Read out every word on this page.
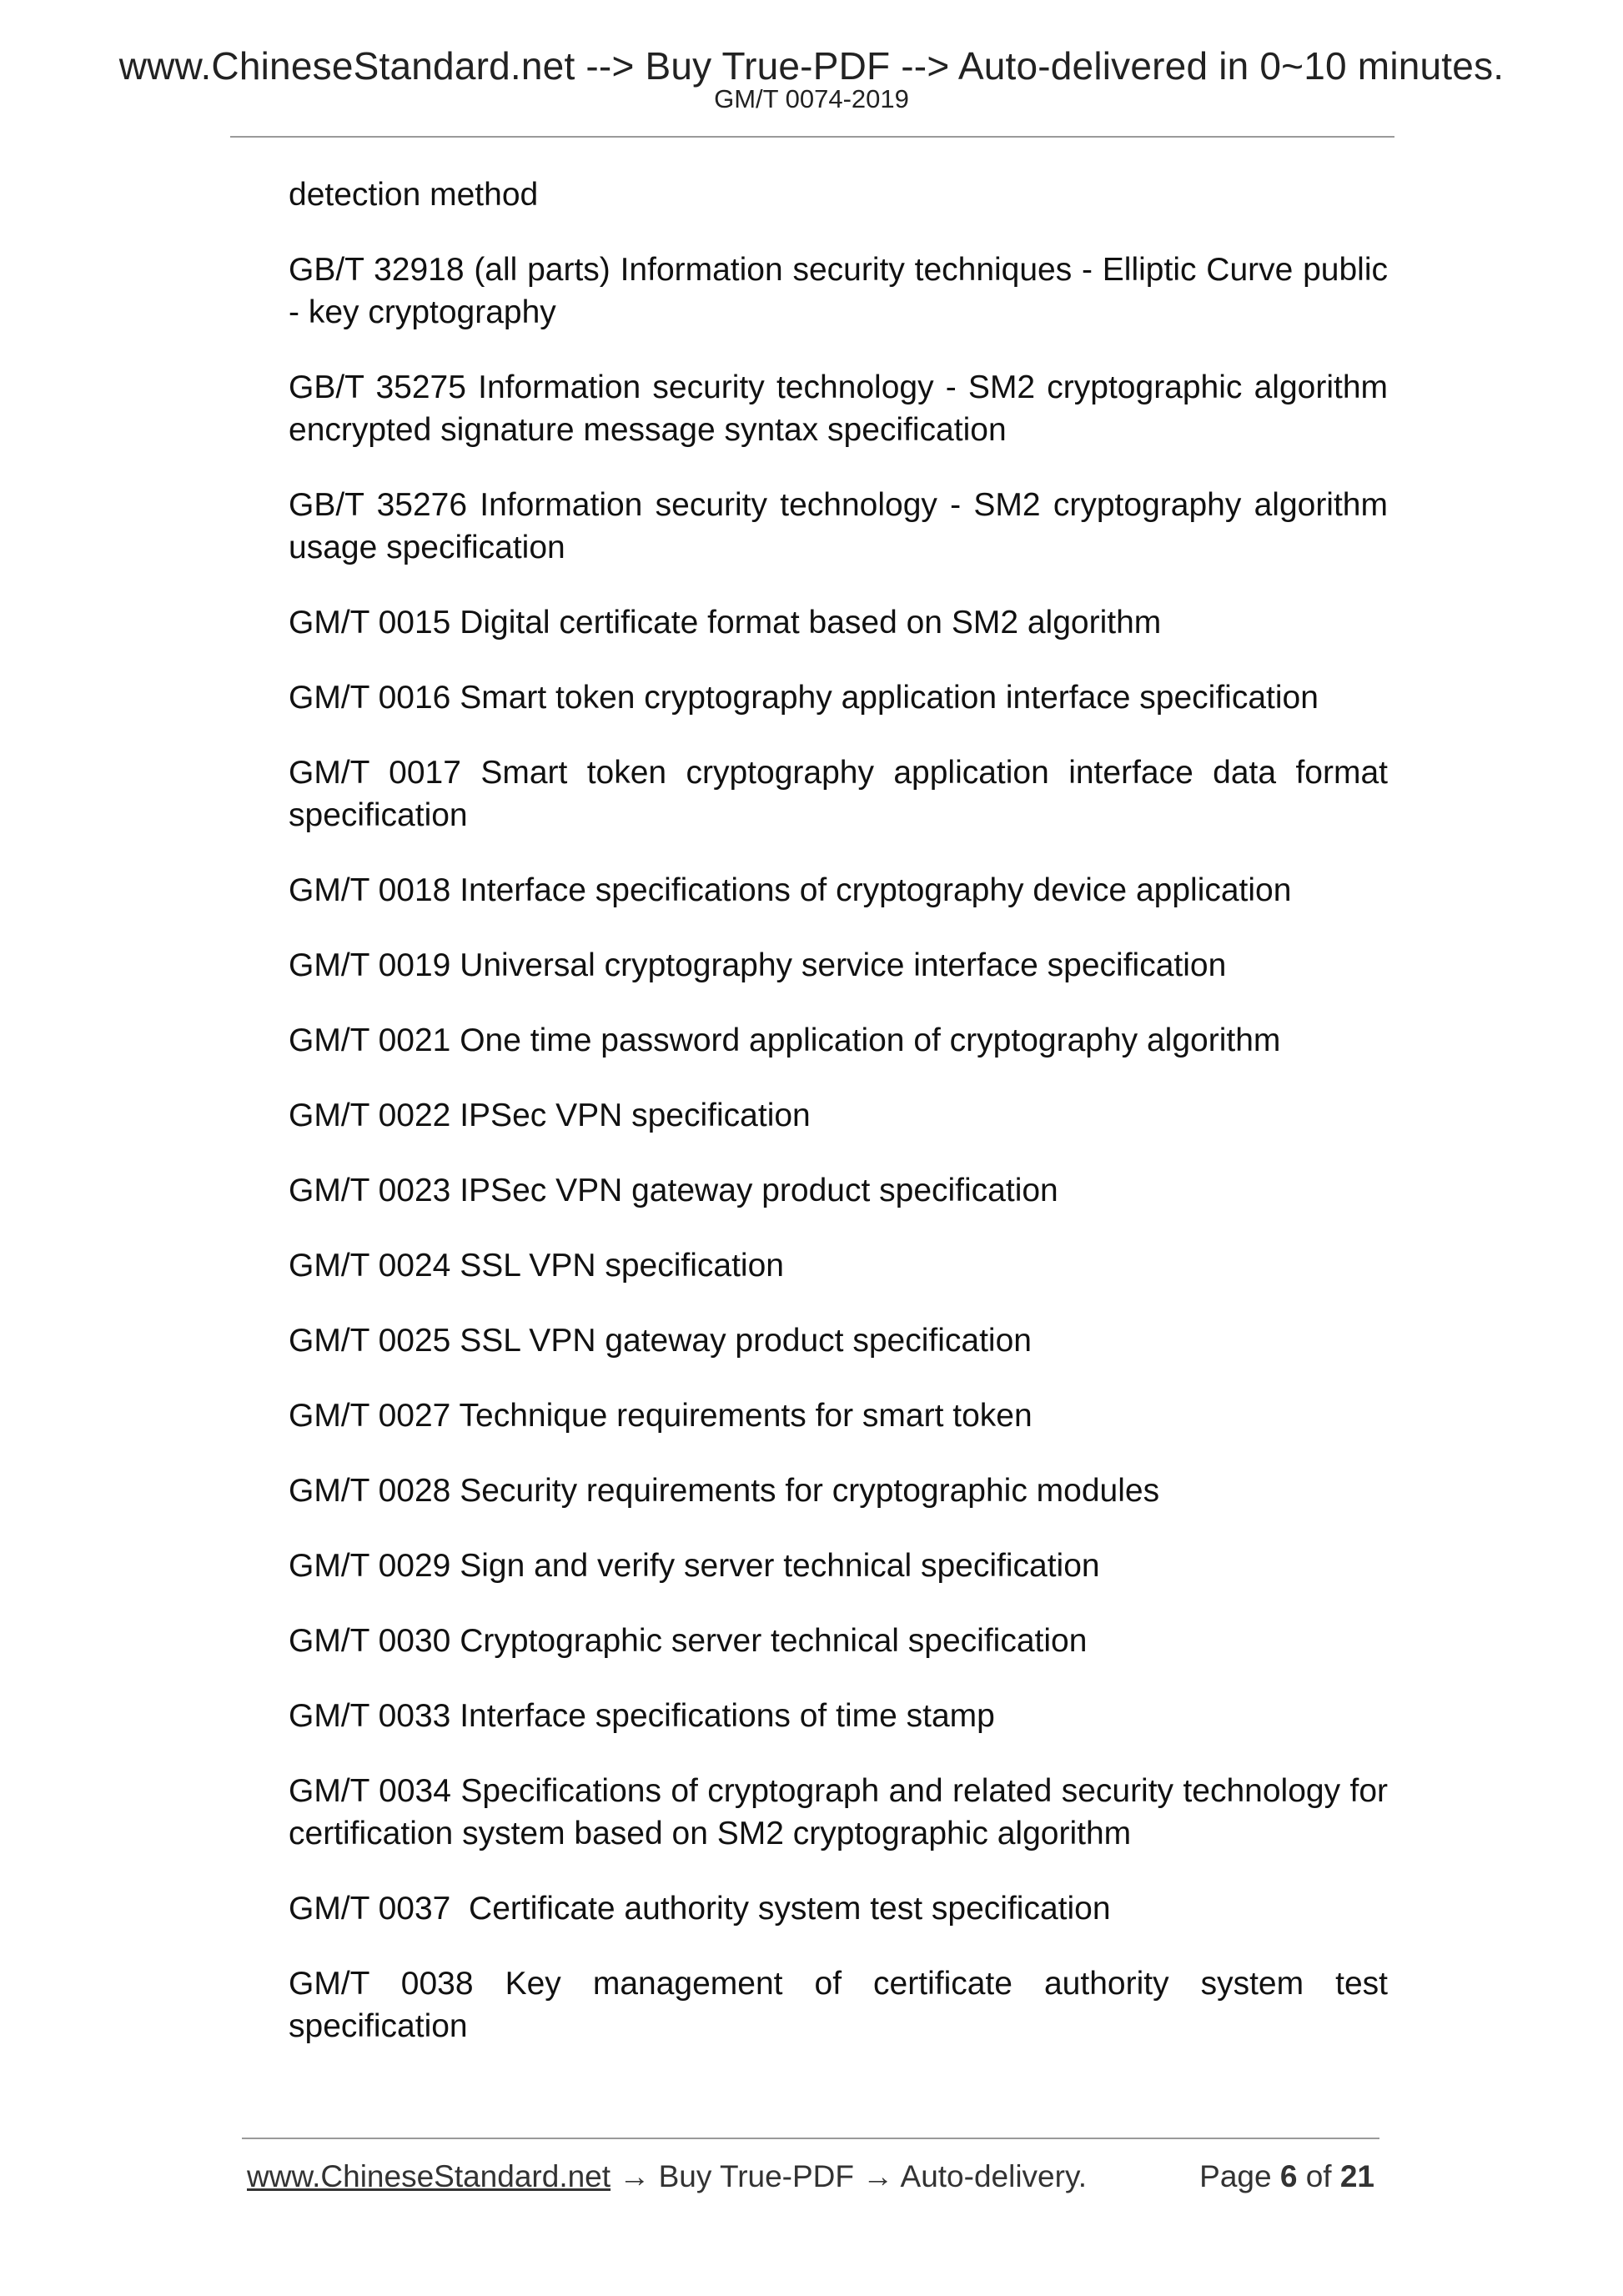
www.ChineseStandard.net --> Buy True-PDF --> Auto-delivered in 0~10 minutes.
GM/T 0074-2019

detection method

GB/T 32918 (all parts) Information security techniques - Elliptic Curve public - key cryptography

GB/T 35275 Information security technology - SM2 cryptographic algorithm encrypted signature message syntax specification

GB/T 35276 Information security technology - SM2 cryptography algorithm usage specification

GM/T 0015 Digital certificate format based on SM2 algorithm

GM/T 0016 Smart token cryptography application interface specification

GM/T 0017 Smart token cryptography application interface data format specification

GM/T 0018 Interface specifications of cryptography device application

GM/T 0019 Universal cryptography service interface specification

GM/T 0021 One time password application of cryptography algorithm

GM/T 0022 IPSec VPN specification

GM/T 0023 IPSec VPN gateway product specification

GM/T 0024 SSL VPN specification

GM/T 0025 SSL VPN gateway product specification

GM/T 0027 Technique requirements for smart token

GM/T 0028 Security requirements for cryptographic modules

GM/T 0029 Sign and verify server technical specification

GM/T 0030 Cryptographic server technical specification

GM/T 0033 Interface specifications of time stamp

GM/T 0034 Specifications of cryptograph and related security technology for certification system based on SM2 cryptographic algorithm

GM/T 0037  Certificate authority system test specification

GM/T 0038 Key management of certificate authority system test specification

www.ChineseStandard.net → Buy True-PDF → Auto-delivery.	Page 6 of 21
